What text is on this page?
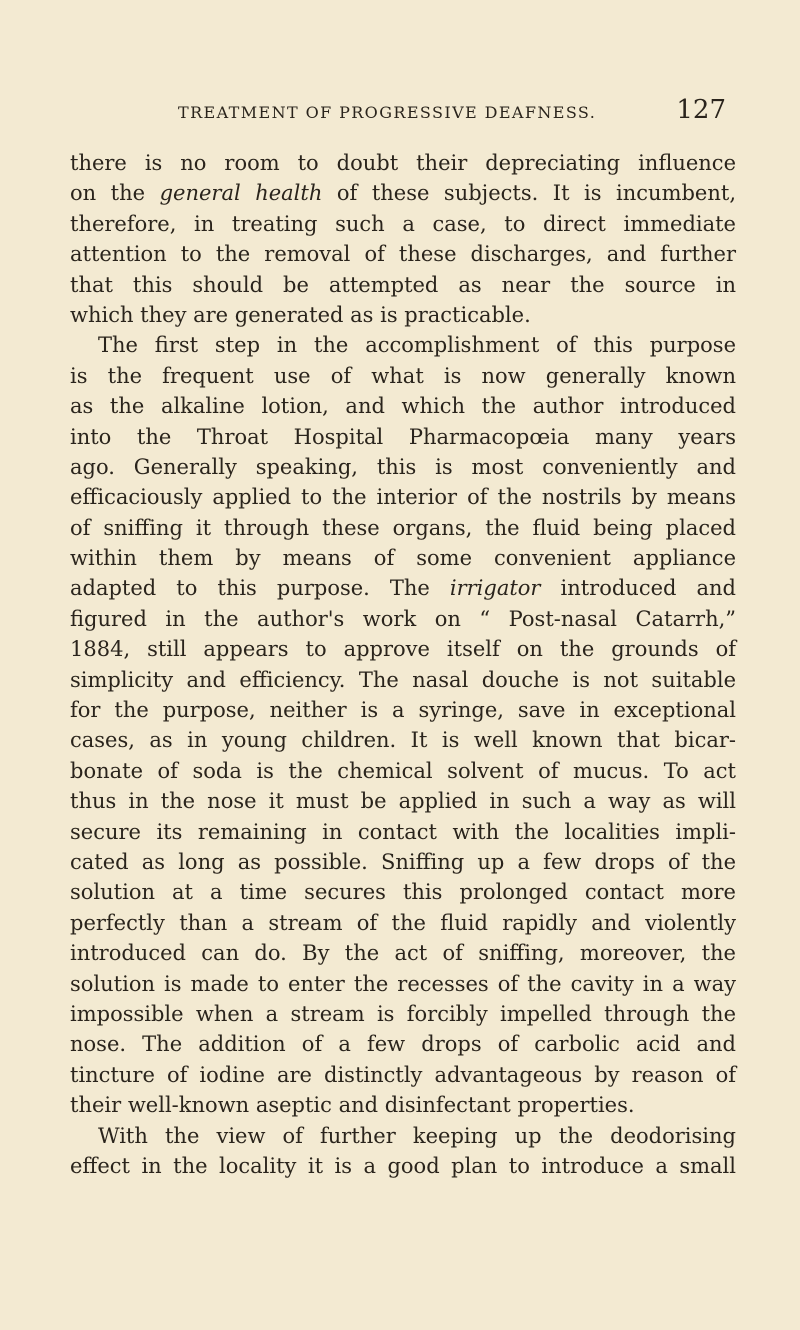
TREATMENT OF PROGRESSIVE DEAFNESS.	127
there is no room to doubt their depreciating influence
on the general health of these subjects. It is incumbent,
therefore, in treating such a case, to direct immediate
attention to the removal of these discharges, and further
that this should be attempted as near the source in
which they are generated as is practicable.
The first step in the accomplishment of this purpose
is the frequent use of what is now generally known
as the alkaline lotion, and which the author introduced
into the Throat Hospital Pharmacopœia many years
ago. Generally speaking, this is most conveniently and
efficaciously applied to the interior of the nostrils by means
of sniffing it through these organs, the fluid being placed
within them by means of some convenient appliance
adapted to this purpose. The irrigator introduced and
figured in the author's work on “ Post-nasal Catarrh,”
1884, still appears to approve itself on the grounds of
simplicity and efficiency. The nasal douche is not suitable
for the purpose, neither is a syringe, save in exceptional
cases, as in young children. It is well known that bicar-
bonate of soda is the chemical solvent of mucus. To act
thus in the nose it must be applied in such a way as will
secure its remaining in contact with the localities impli-
cated as long as possible. Sniffing up a few drops of the
solution at a time secures this prolonged contact more
perfectly than a stream of the fluid rapidly and violently
introduced can do. By the act of sniffing, moreover, the
solution is made to enter the recesses of the cavity in a way
impossible when a stream is forcibly impelled through the
nose. The addition of a few drops of carbolic acid and
tincture of iodine are distinctly advantageous by reason of
their well-known aseptic and disinfectant properties.
With the view of further keeping up the deodorising
effect in the locality it is a good plan to introduce a small
